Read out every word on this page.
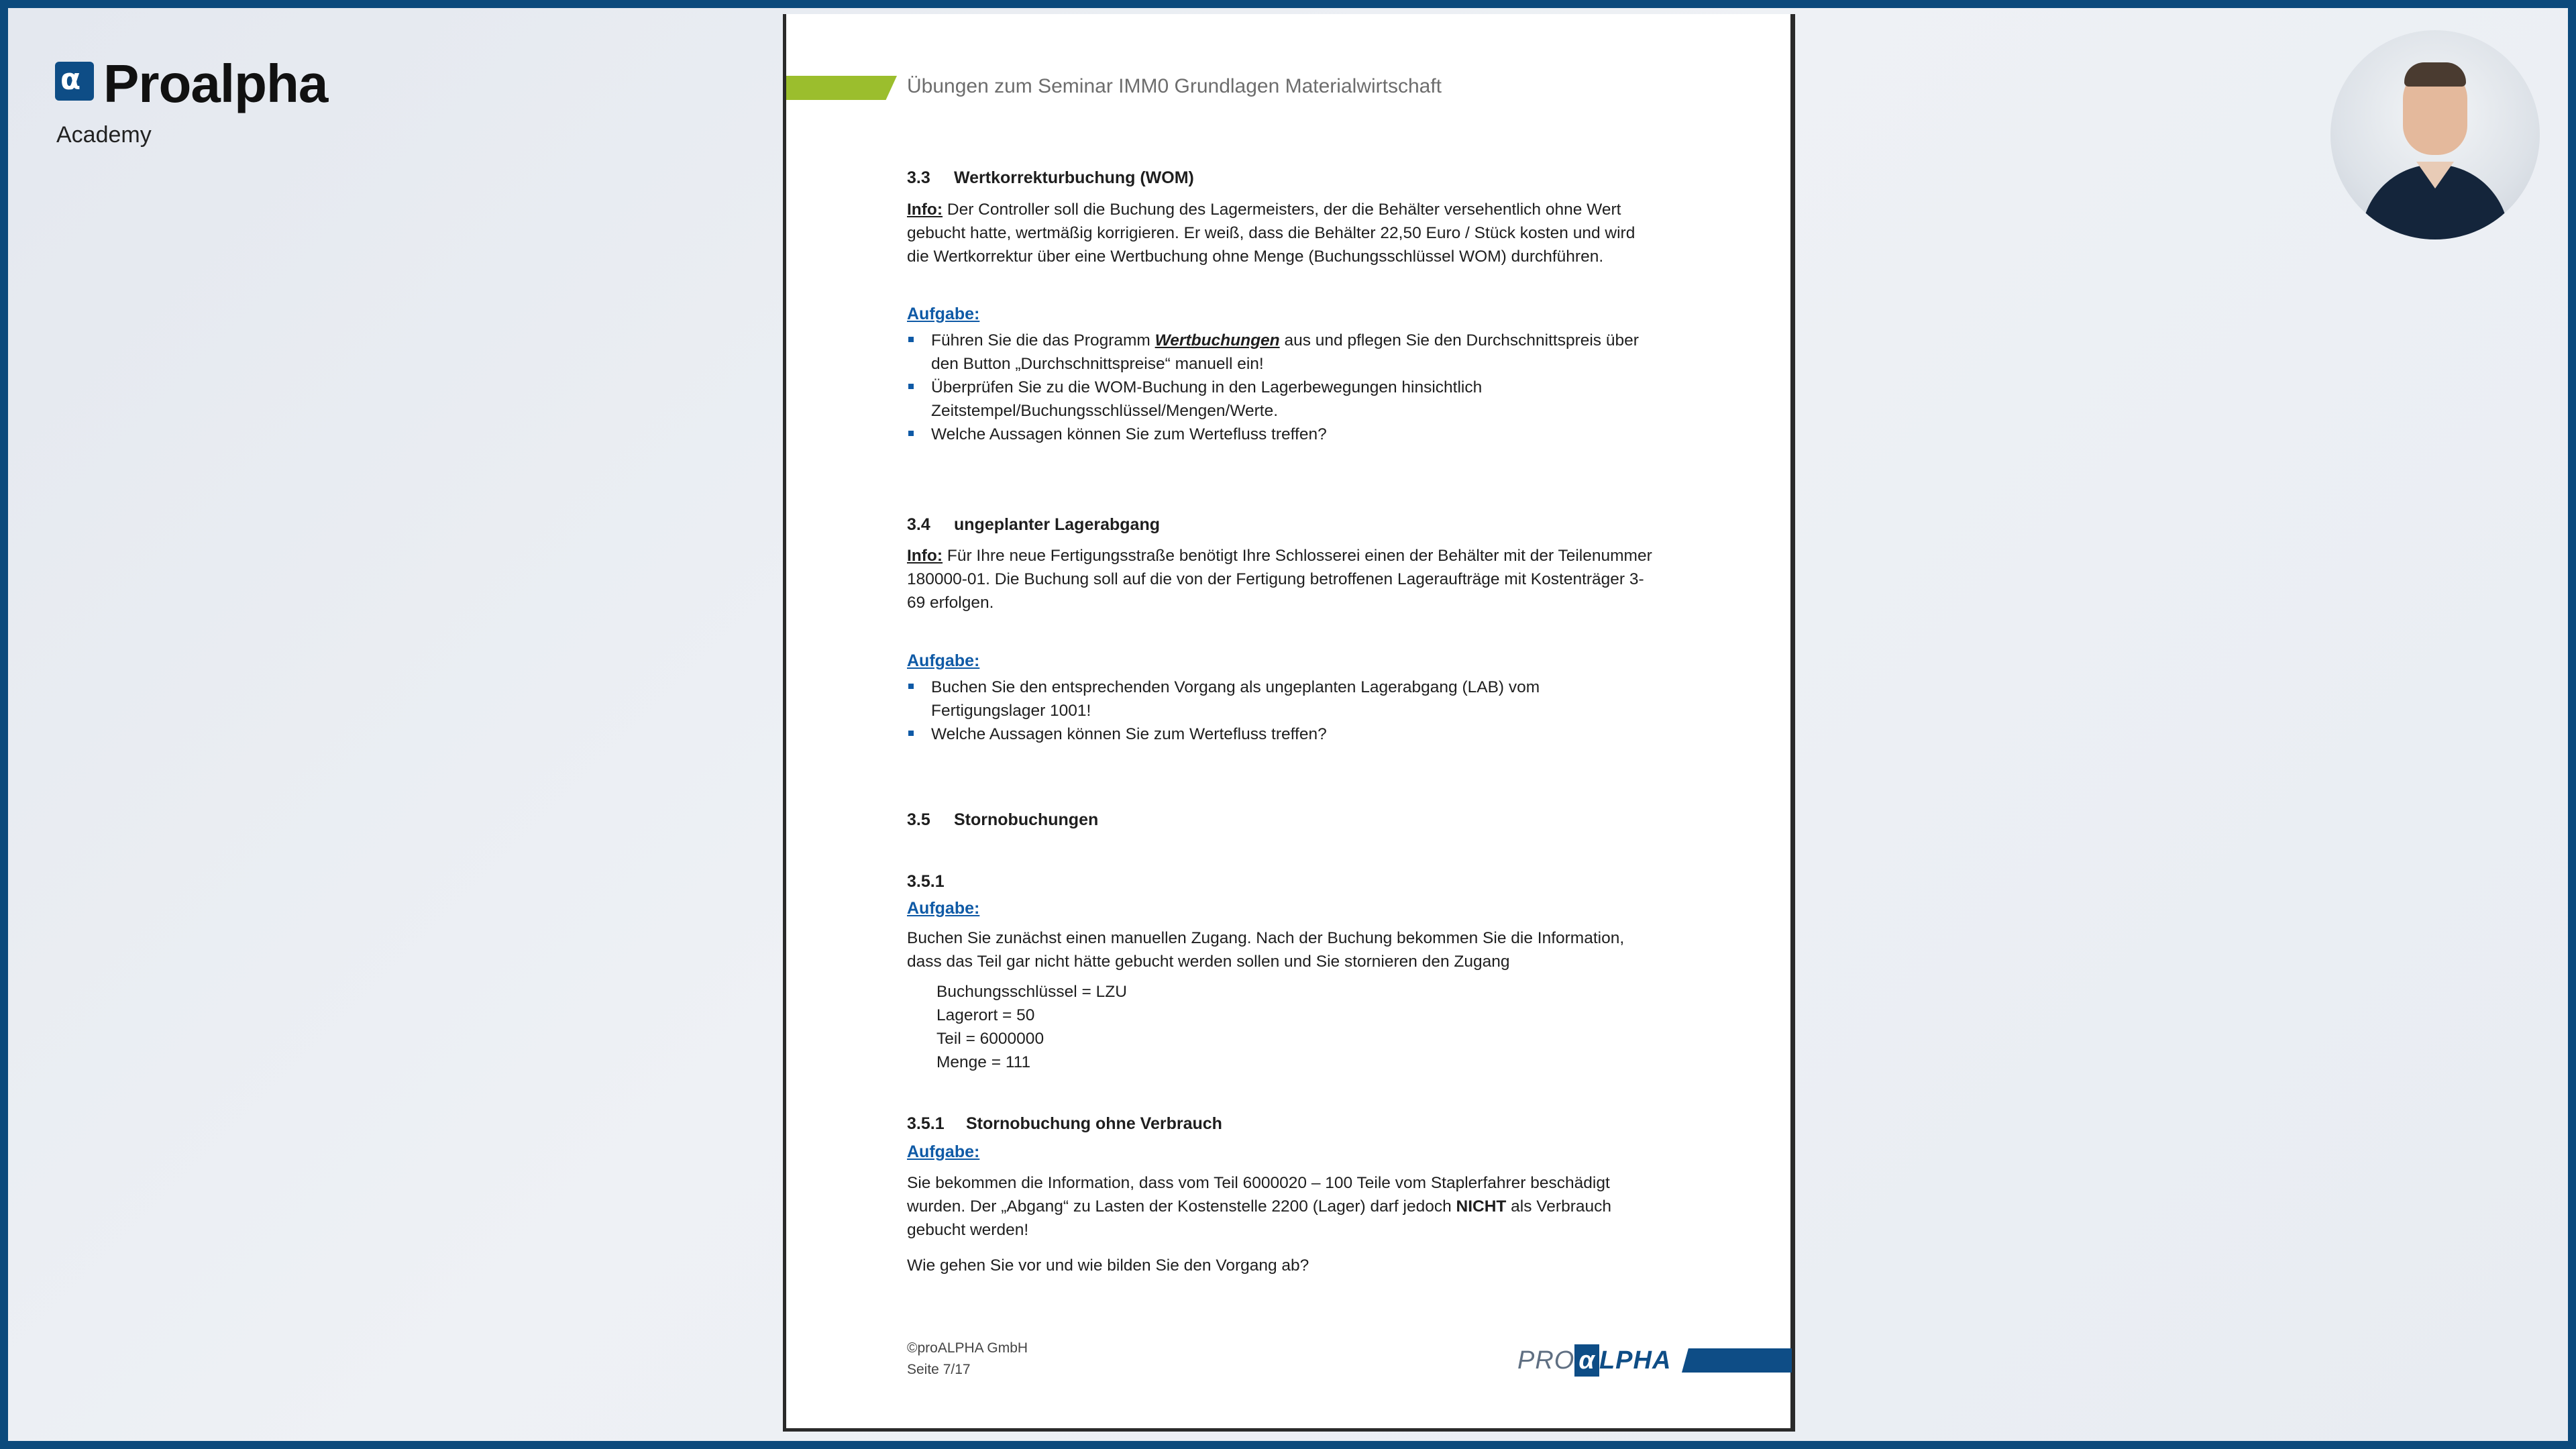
α Proalpha
Academy
Übungen zum Seminar IMM0 Grundlagen Materialwirtschaft
3.3 Wertkorrekturbuchung (WOM)
Info: Der Controller soll die Buchung des Lagermeisters, der die Behälter versehentlich ohne Wert gebucht hatte, wertmäßig korrigieren. Er weiß, dass die Behälter 22,50 Euro / Stück kosten und wird die Wertkorrektur über eine Wertbuchung ohne Menge (Buchungsschlüssel WOM) durchführen.
Aufgabe:
Führen Sie die das Programm Wertbuchungen aus und pflegen Sie den Durchschnittspreis über den Button „Durchschnittspreise“ manuell ein!
Überprüfen Sie zu die WOM-Buchung in den Lagerbewegungen hinsichtlich Zeitstempel/Buchungsschlüssel/Mengen/Werte.
Welche Aussagen können Sie zum Wertefluss treffen?
3.4 ungeplanter Lagerabgang
Info: Für Ihre neue Fertigungsstraße benötigt Ihre Schlosserei einen der Behälter mit der Teilenummer 180000-01. Die Buchung soll auf die von der Fertigung betroffenen Lageraufträge mit Kostenträger 3-69 erfolgen.
Aufgabe:
Buchen Sie den entsprechenden Vorgang als ungeplanten Lagerabgang (LAB) vom Fertigungslager 1001!
Welche Aussagen können Sie zum Wertefluss treffen?
3.5 Stornobuchungen
3.5.1
Aufgabe:
Buchen Sie zunächst einen manuellen Zugang. Nach der Buchung bekommen Sie die Information, dass das Teil gar nicht hätte gebucht werden sollen und Sie stornieren den Zugang
Buchungsschlüssel = LZU
Lagerort = 50
Teil = 6000000
Menge = 111
3.5.1 Stornobuchung ohne Verbrauch
Aufgabe:
Sie bekommen die Information, dass vom Teil 6000020 – 100 Teile vom Staplerfahrer beschädigt wurden. Der „Abgang“ zu Lasten der Kostenstelle 2200 (Lager) darf jedoch NICHT als Verbrauch gebucht werden!
Wie gehen Sie vor und wie bilden Sie den Vorgang ab?
©proALPHA GmbH
Seite 7/17	PRO α LPHA
